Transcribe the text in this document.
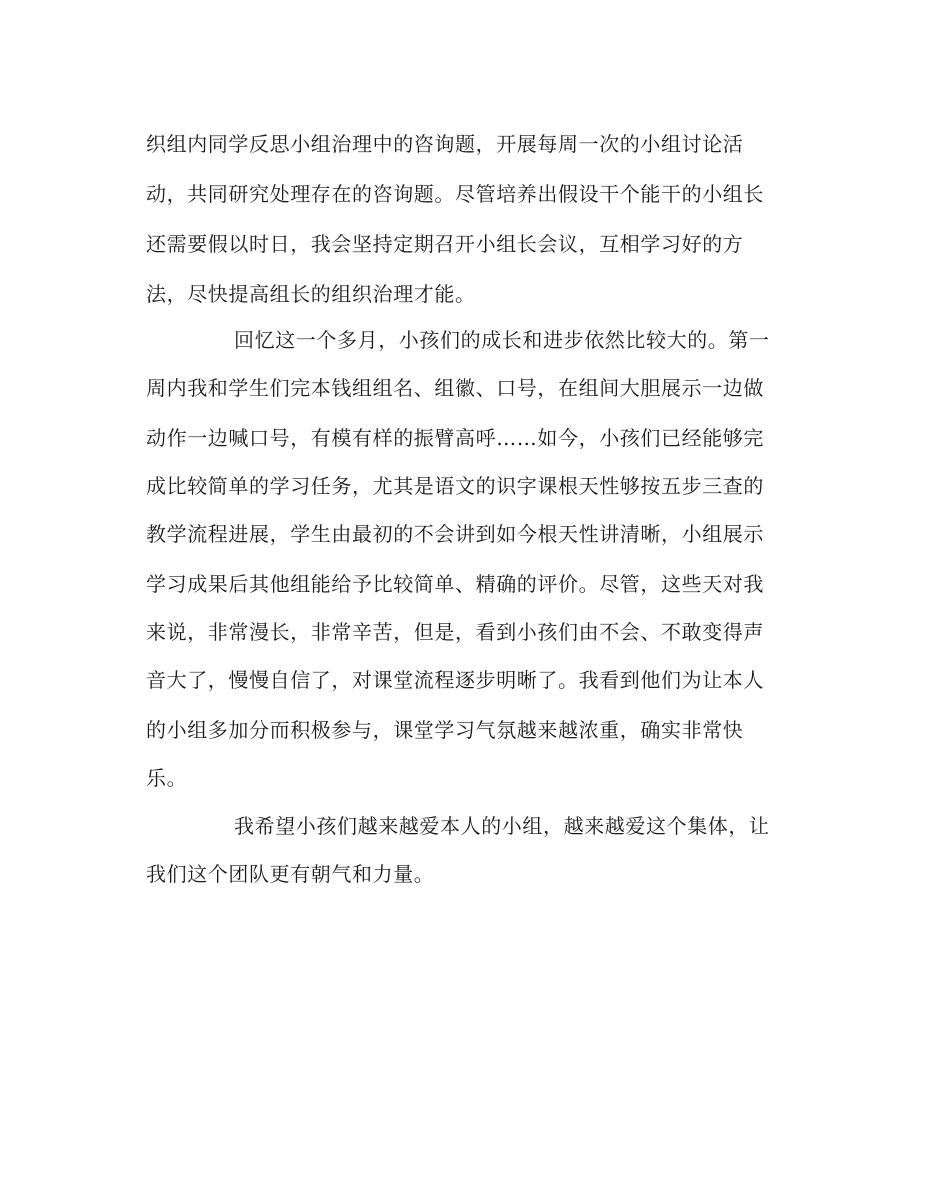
织组内同学反思小组治理中的咨询题，开展每周一次的小组讨论活
动，共同研究处理存在的咨询题。尽管培养出假设干个能干的小组长
还需要假以时日，我会坚持定期召开小组长会议，互相学习好的方
法，尽快提高组长的组织治理才能。
回忆这一个多月，小孩们的成长和进步依然比较大的。第一
周内我和学生们完本钱组组名、组徽、口号，在组间大胆展示一边做
动作一边喊口号，有模有样的振臂高呼……如今，小孩们已经能够完
成比较简单的学习任务，尤其是语文的识字课根天性够按五步三查的
教学流程进展，学生由最初的不会讲到如今根天性讲清晰，小组展示
学习成果后其他组能给予比较简单、精确的评价。尽管，这些天对我
来说，非常漫长，非常辛苦，但是，看到小孩们由不会、不敢变得声
音大了，慢慢自信了，对课堂流程逐步明晰了。我看到他们为让本人
的小组多加分而积极参与，课堂学习气氛越来越浓重，确实非常快
乐。
我希望小孩们越来越爱本人的小组，越来越爱这个集体，让
我们这个团队更有朝气和力量。
